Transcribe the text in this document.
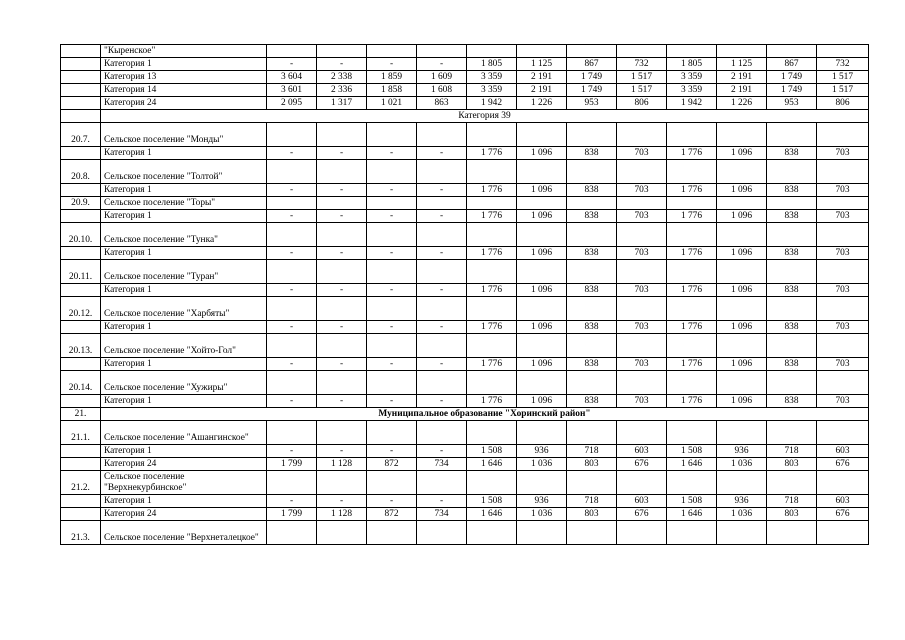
	"Кыренское"												
	Категория 1	-	-	-	-	1 805	1 125	867	732	1 805	1 125	867	732
	Категория 13	3 604	2 338	1 859	1 609	3 359	2 191	1 749	1 517	3 359	2 191	1 749	1 517
	Категория 14	3 601	2 336	1 858	1 608	3 359	2 191	1 749	1 517	3 359	2 191	1 749	1 517
	Категория 24	2 095	1 317	1 021	863	1 942	1 226	953	806	1 942	1 226	953	806
	Категория 39												
20.7.	Сельское поселение "Монды"												
	Категория 1	-	-	-	-	1 776	1 096	838	703	1 776	1 096	838	703
20.8.	Сельское поселение "Толтой"												
	Категория 1	-	-	-	-	1 776	1 096	838	703	1 776	1 096	838	703
20.9.	Сельское поселение "Торы"												
	Категория 1	-	-	-	-	1 776	1 096	838	703	1 776	1 096	838	703
20.10.	Сельское поселение "Тунка"												
	Категория 1	-	-	-	-	1 776	1 096	838	703	1 776	1 096	838	703
20.11.	Сельское поселение "Туран"												
	Категория 1	-	-	-	-	1 776	1 096	838	703	1 776	1 096	838	703
20.12.	Сельское поселение "Харбяты"												
	Категория 1	-	-	-	-	1 776	1 096	838	703	1 776	1 096	838	703
20.13.	Сельское поселение "Хойто-Гол"												
	Категория 1	-	-	-	-	1 776	1 096	838	703	1 776	1 096	838	703
20.14.	Сельское поселение "Хужиры"												
	Категория 1	-	-	-	-	1 776	1 096	838	703	1 776	1 096	838	703
21.	Муниципальное образование "Хоринский район"												
21.1.	Сельское поселение "Ашангинское"												
	Категория 1	-	-	-	-	1 508	936	718	603	1 508	936	718	603
	Категория 24	1 799	1 128	872	734	1 646	1 036	803	676	1 646	1 036	803	676
21.2.	Сельское поселение "Верхнекурбинское"												
	Категория 1	-	-	-	-	1 508	936	718	603	1 508	936	718	603
	Категория 24	1 799	1 128	872	734	1 646	1 036	803	676	1 646	1 036	803	676
21.3.	Сельское поселение "Верхнеталецкое"												
